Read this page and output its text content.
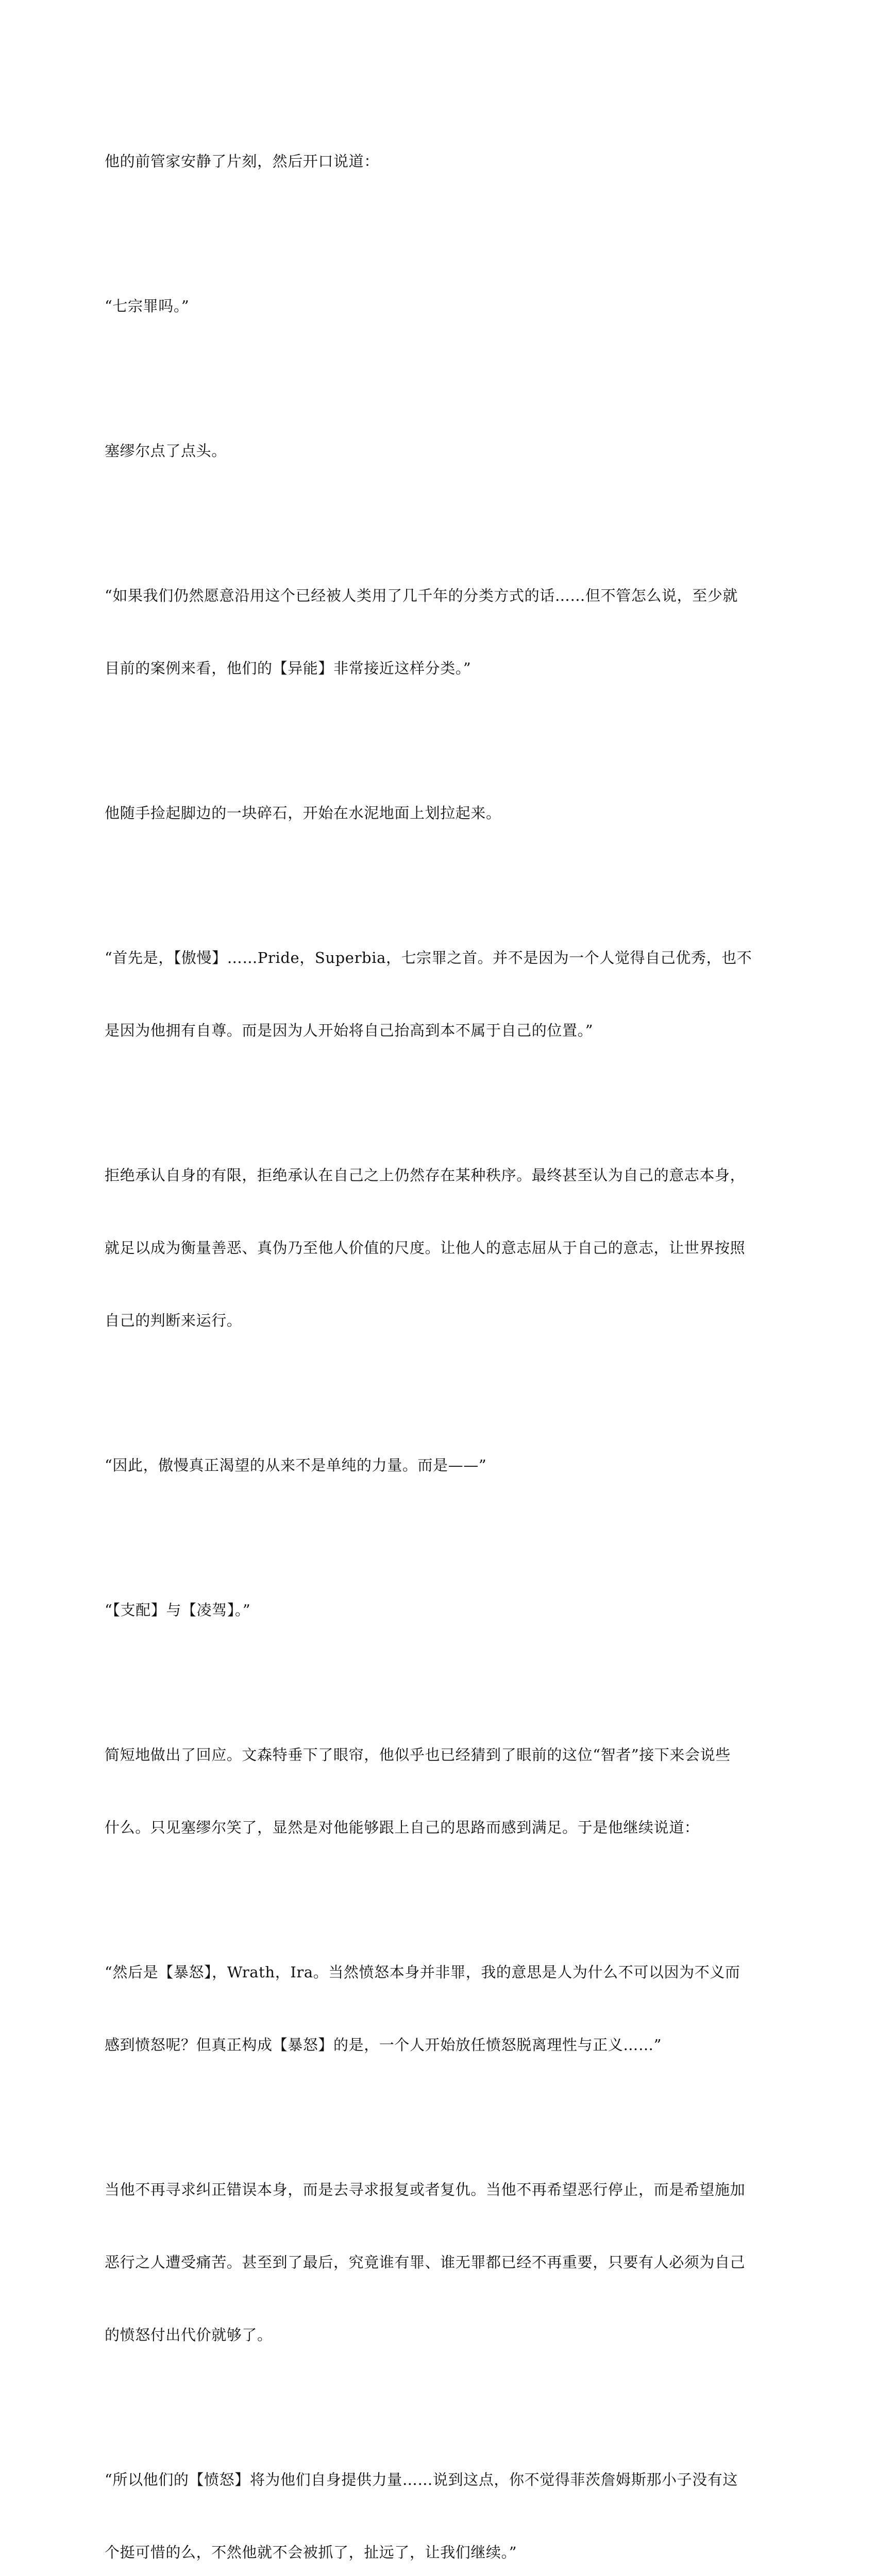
他的前管家安静了片刻，然后开口说道：

“七宗罪吗。”

塞缪尔点了点头。

“如果我们仍然愿意沿用这个已经被人类用了几千年的分类方式的话……但不管怎么说，至少就

目前的案例来看，他们的【异能】非常接近这样分类。”

他随手捡起脚边的一块碎石，开始在水泥地面上划拉起来。

“首先是，【傲慢】……Pride，Superbia，七宗罪之首。并不是因为一个人觉得自己优秀，也不

是因为他拥有自尊。而是因为人开始将自己抬高到本不属于自己的位置。”

拒绝承认自身的有限，拒绝承认在自己之上仍然存在某种秩序。最终甚至认为自己的意志本身，

就足以成为衡量善恶、真伪乃至他人价值的尺度。让他人的意志屈从于自己的意志，让世界按照

自己的判断来运行。

“因此，傲慢真正渴望的从来不是单纯的力量。而是——”

“【支配】与【凌驾】。”

简短地做出了回应。文森特垂下了眼帘，他似乎也已经猜到了眼前的这位“智者”接下来会说些

什么。只见塞缪尔笑了，显然是对他能够跟上自己的思路而感到满足。于是他继续说道：

“然后是【暴怒】，Wrath，Ira。当然愤怒本身并非罪，我的意思是人为什么不可以因为不义而

感到愤怒呢？但真正构成【暴怒】的是，一个人开始放任愤怒脱离理性与正义……”

当他不再寻求纠正错误本身，而是去寻求报复或者复仇。当他不再希望恶行停止，而是希望施加

恶行之人遭受痛苦。甚至到了最后，究竟谁有罪、谁无罪都已经不再重要，只要有人必须为自己

的愤怒付出代价就够了。

“所以他们的【愤怒】将为他们自身提供力量……说到这点，你不觉得菲茨詹姆斯那小子没有这

个挺可惜的么，不然他就不会被抓了，扯远了，让我们继续。”
